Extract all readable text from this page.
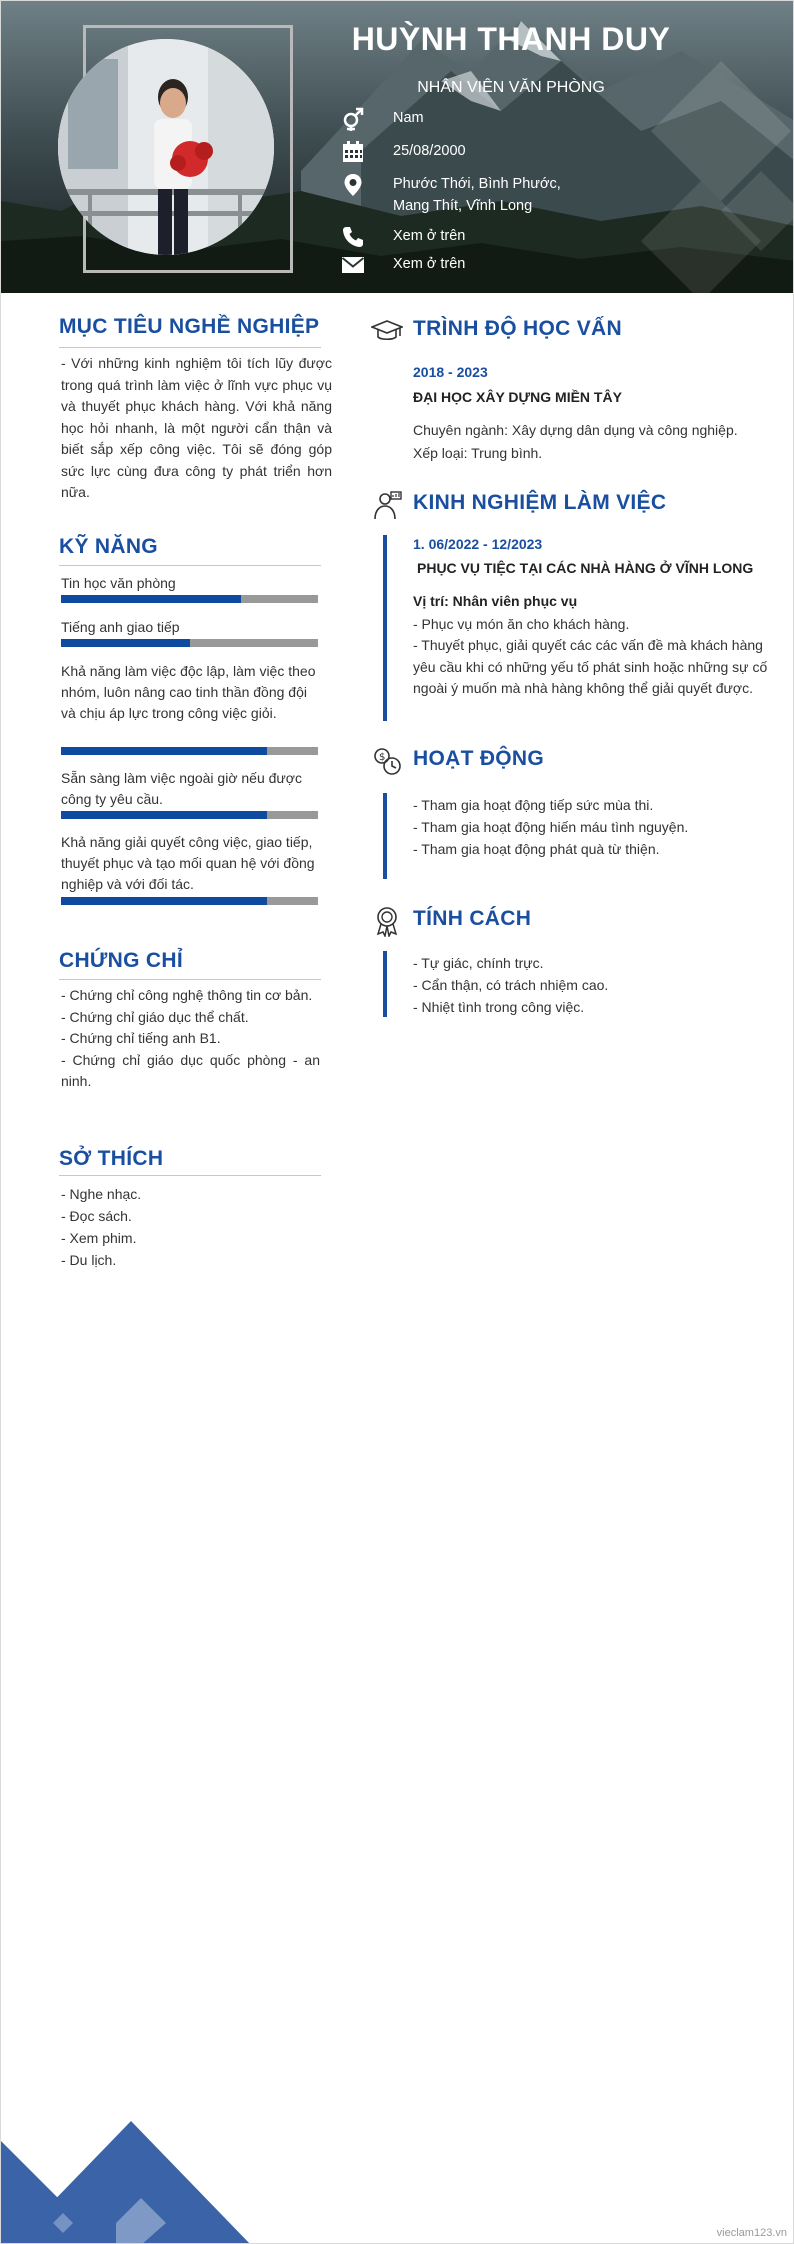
HUỲNH THANH DUY
NHÂN VIÊN VĂN PHÒNG
Nam
25/08/2000
Phước Thới, Bình Phước,
Mang Thít, Vĩnh Long
Xem ở trên
Xem ở trên
MỤC TIÊU NGHỀ NGHIỆP
- Với những kinh nghiệm tôi tích lũy được trong quá trình làm việc ở lĩnh vực phục vụ và thuyết phục khách hàng. Với khả năng học hỏi nhanh, là một người cẩn thận và biết sắp xếp công việc. Tôi sẽ đóng góp sức lực cùng đưa công ty phát triển hơn nữa.
KỸ NĂNG
Tin học văn phòng
Tiếng anh giao tiếp
Khả năng làm việc độc lập, làm việc theo nhóm, luôn nâng cao tinh thần đồng đội và chịu áp lực trong công việc giỏi.
Sẵn sàng làm việc ngoài giờ nếu được công ty yêu cầu.
Khả năng giải quyết công việc, giao tiếp, thuyết phục và tạo mối quan hệ với đồng nghiệp và với đối tác.
CHỨNG CHỈ
- Chứng chỉ công nghệ thông tin cơ bản.
- Chứng chỉ giáo dục thể chất.
- Chứng chỉ tiếng anh B1.
- Chứng chỉ giáo dục quốc phòng - an ninh.
SỞ THÍCH
- Nghe nhạc.
- Đọc sách.
- Xem phim.
- Du lịch.
TRÌNH ĐỘ HỌC VẤN
2018 - 2023
ĐẠI HỌC XÂY DỰNG MIỀN TÂY
Chuyên ngành: Xây dựng dân dụng và công nghiệp.
Xếp loại: Trung bình.
KINH NGHIỆM LÀM VIỆC
1. 06/2022 - 12/2023
PHỤC VỤ TIỆC TẠI CÁC NHÀ HÀNG Ở VĨNH LONG
Vị trí: Nhân viên phục vụ
- Phục vụ món ăn cho khách hàng.
- Thuyết phục, giải quyết các các vấn đề mà khách hàng yêu cầu khi có những yếu tố phát sinh hoặc những sự cố ngoài ý muốn mà nhà hàng không thể giải quyết được.
$ HOẠT ĐỘNG
- Tham gia hoạt động tiếp sức mùa thi.
- Tham gia hoạt động hiến máu tình nguyện.
- Tham gia hoạt động phát quà từ thiện.
TÍNH CÁCH
- Tự giác, chính trực.
- Cẩn thận, có trách nhiệm cao.
- Nhiệt tình trong công việc.
vieclam123.vn
